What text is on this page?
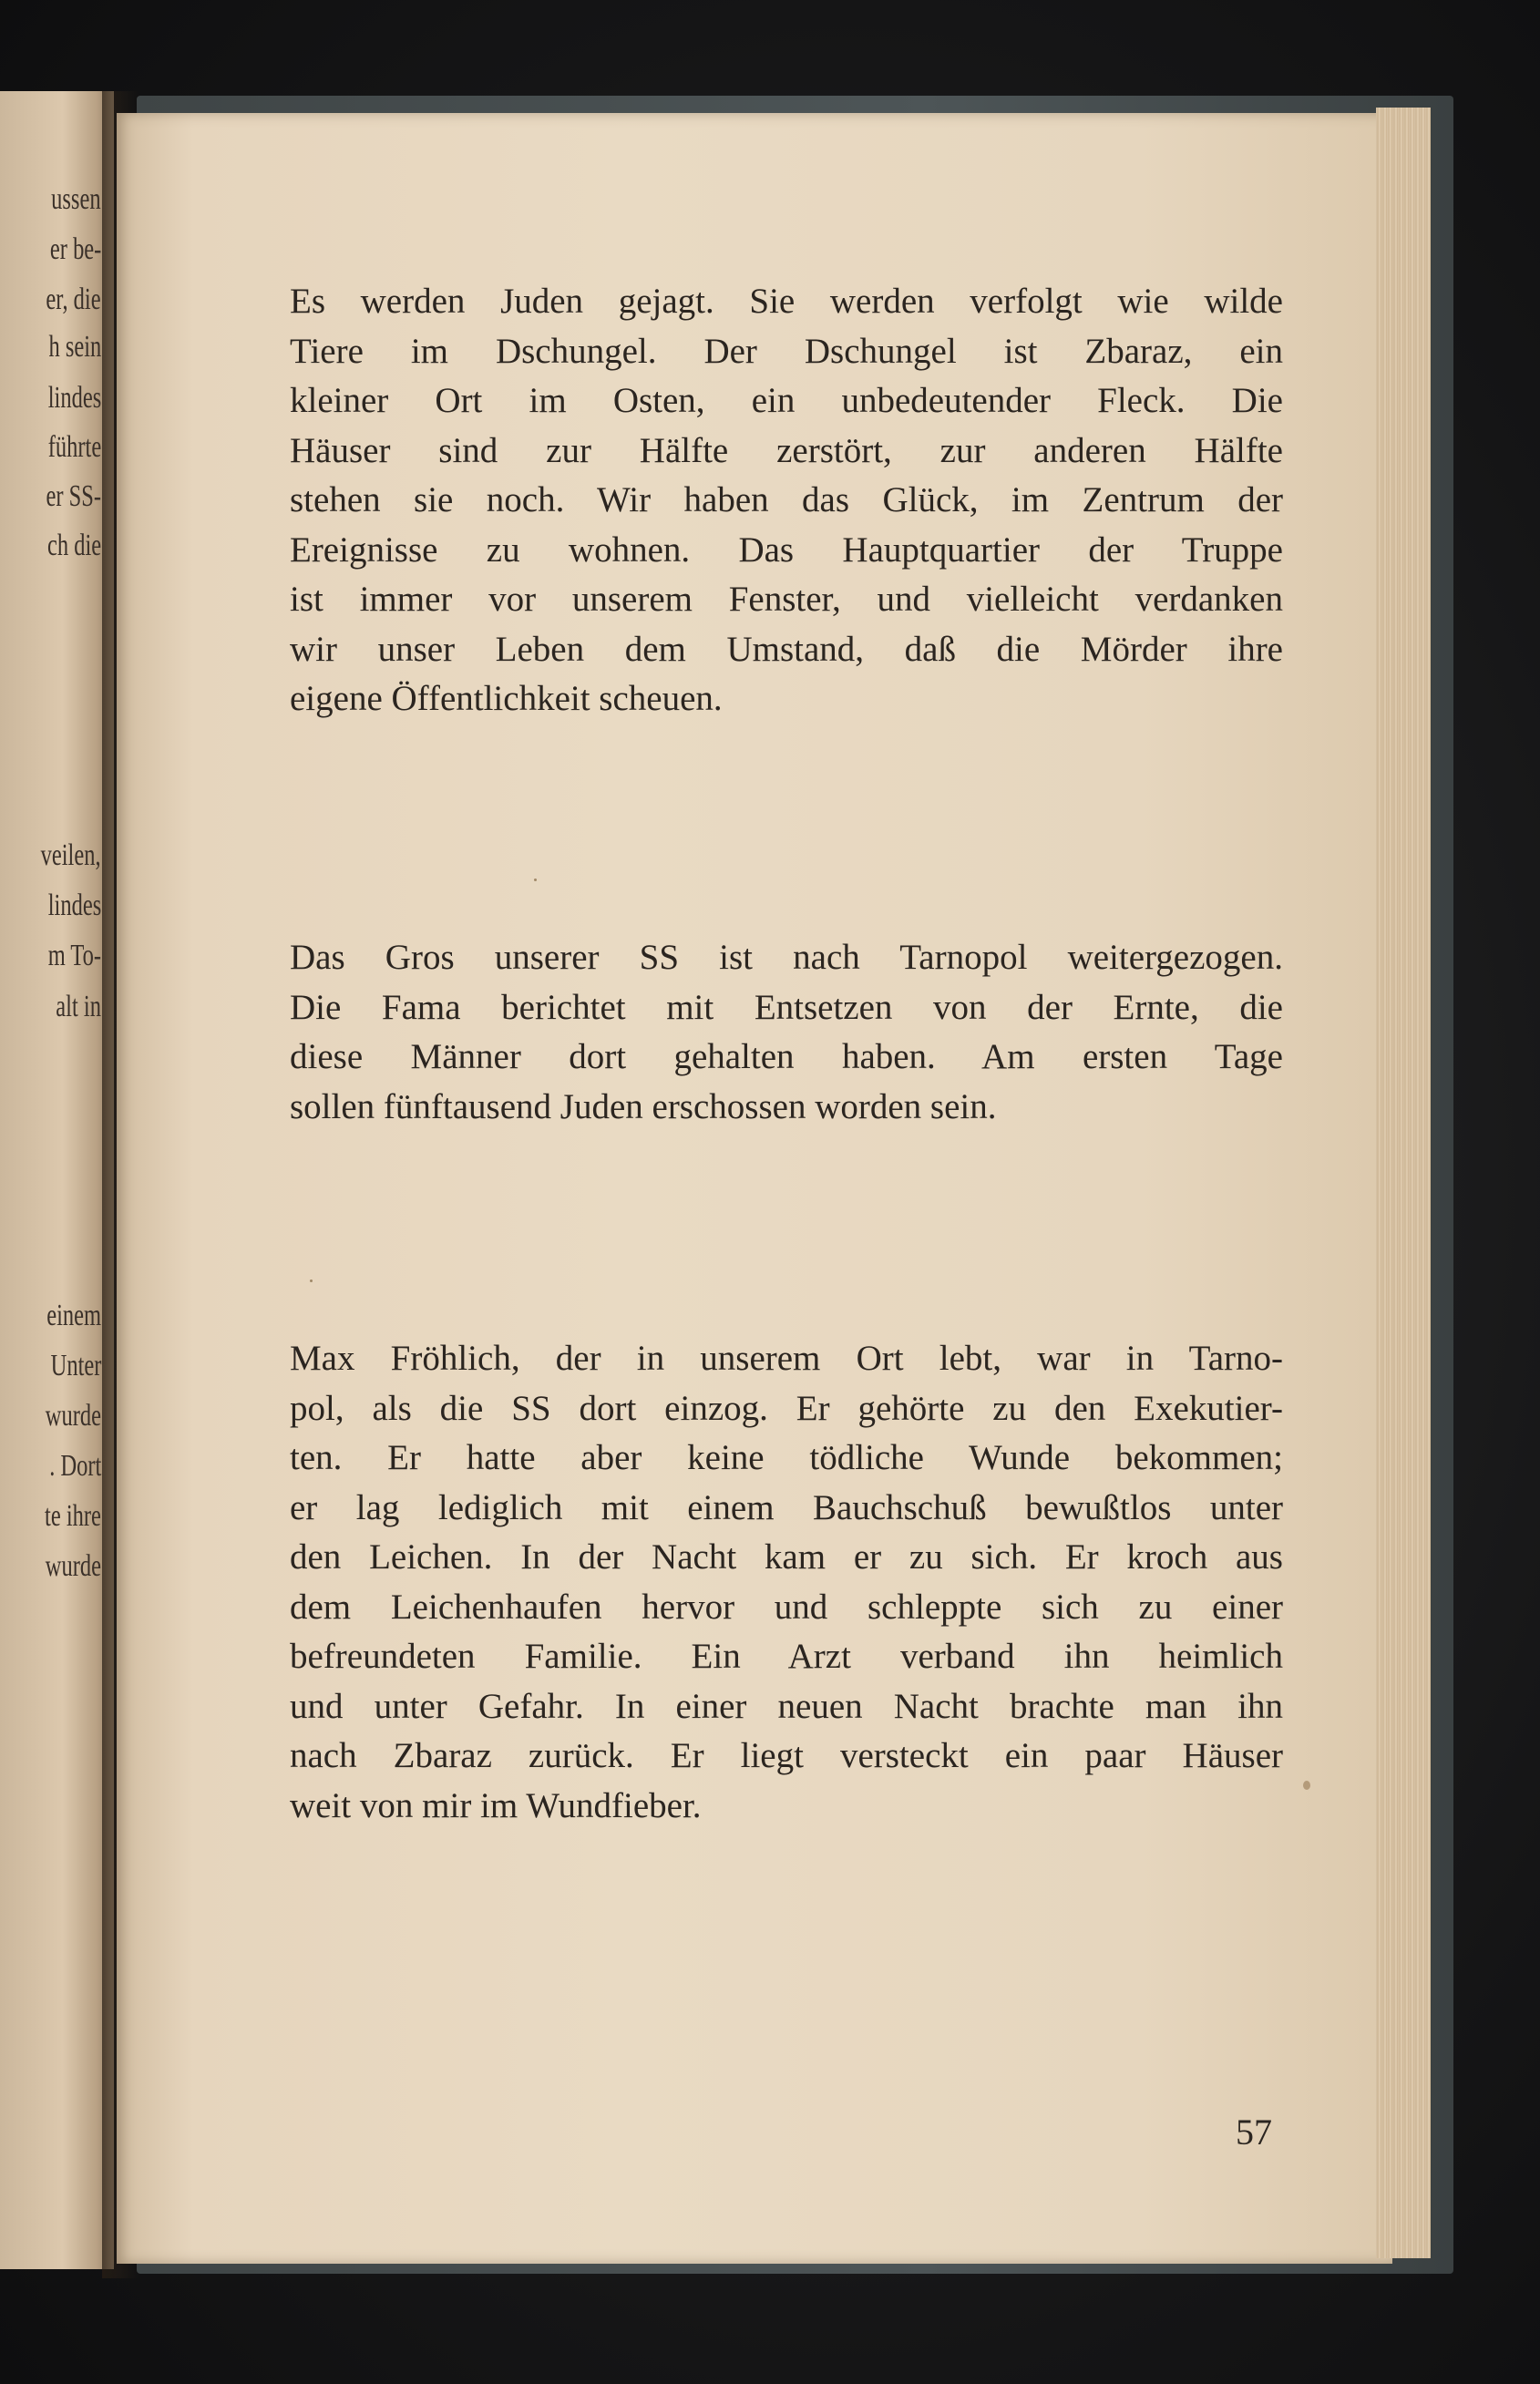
ussen
er be-
er, die
h sein
lindes
führte
er SS-
ch die
veilen,
lindes
m To-
alt in
einem
Unter
wurde
. Dort
te ihre
wurde

Es werden Juden gejagt. Sie werden verfolgt wie wilde
Tiere im Dschungel. Der Dschungel ist Zbaraz, ein
kleiner Ort im Osten, ein unbedeutender Fleck. Die
Häuser sind zur Hälfte zerstört, zur anderen Hälfte
stehen sie noch. Wir haben das Glück, im Zentrum der
Ereignisse zu wohnen. Das Hauptquartier der Truppe
ist immer vor unserem Fenster, und vielleicht verdanken
wir unser Leben dem Umstand, daß die Mörder ihre
eigene Öffentlichkeit scheuen.

Das Gros unserer SS ist nach Tarnopol weitergezogen.
Die Fama berichtet mit Entsetzen von der Ernte, die
diese Männer dort gehalten haben. Am ersten Tage
sollen fünftausend Juden erschossen worden sein.

Max Fröhlich, der in unserem Ort lebt, war in Tarno-
pol, als die SS dort einzog. Er gehörte zu den Exekutier-
ten. Er hatte aber keine tödliche Wunde bekommen;
er lag lediglich mit einem Bauchschuß bewußtlos unter
den Leichen. In der Nacht kam er zu sich. Er kroch aus
dem Leichenhaufen hervor und schleppte sich zu einer
befreundeten Familie. Ein Arzt verband ihn heimlich
und unter Gefahr. In einer neuen Nacht brachte man ihn
nach Zbaraz zurück. Er liegt versteckt ein paar Häuser
weit von mir im Wundfieber.

57
